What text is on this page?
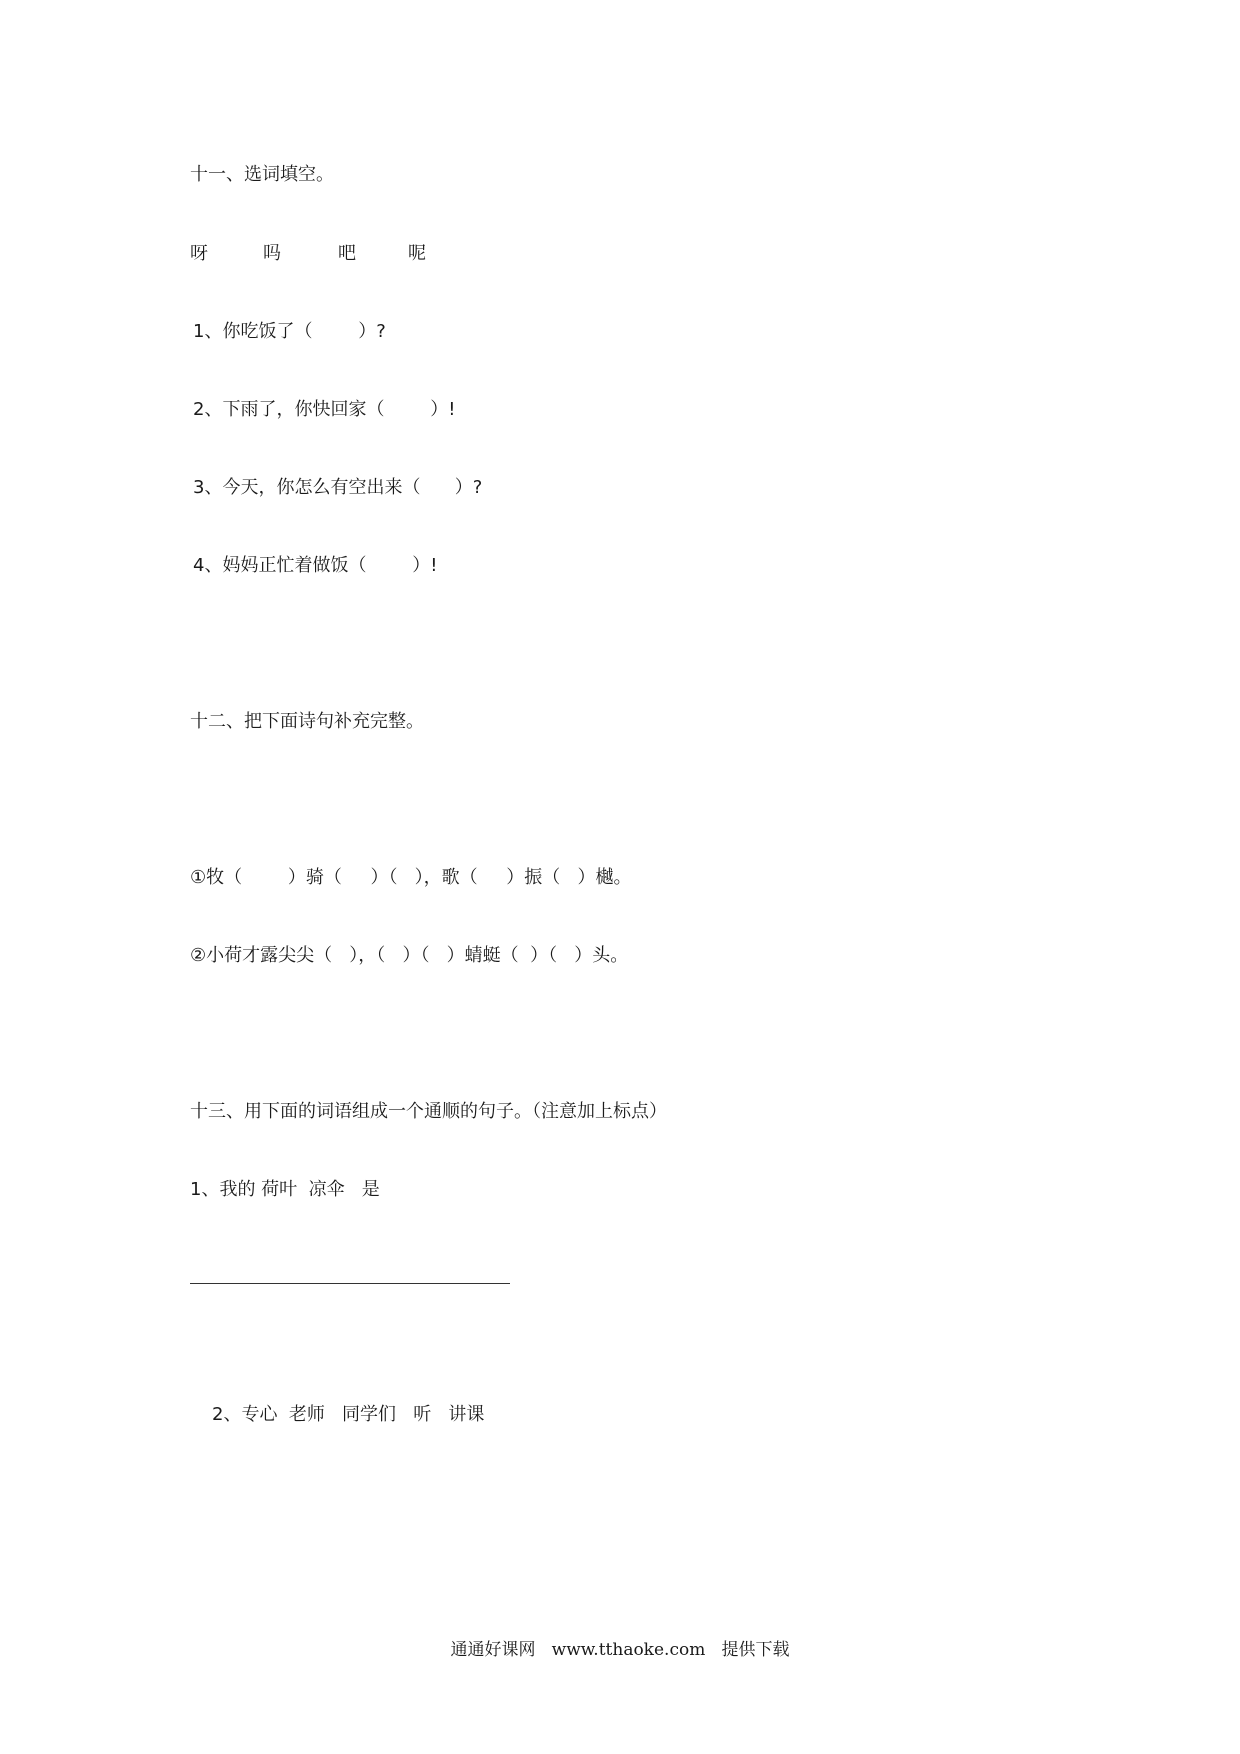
十一、选词填空。
呀	吗	吧	呢
1、你吃饭了（        ）?
2、下雨了，你快回家（        ）!
3、今天，你怎么有空出来（      ）?
4、妈妈正忙着做饭（        ）!
十二、把下面诗句补充完整。
①牧（        ）骑（     ）（   ），歌（     ）振（   ）樾。
②小荷才露尖尖（   ），（   ）（   ）蜻蜓（  ）（   ）头。
十三、用下面的词语组成一个通顺的句子。（注意加上标点）
1、我的 荷叶  凉伞   是
2、专心  老师   同学们   听   讲课
通通好课网   www.tthaoke.com   提供下载
